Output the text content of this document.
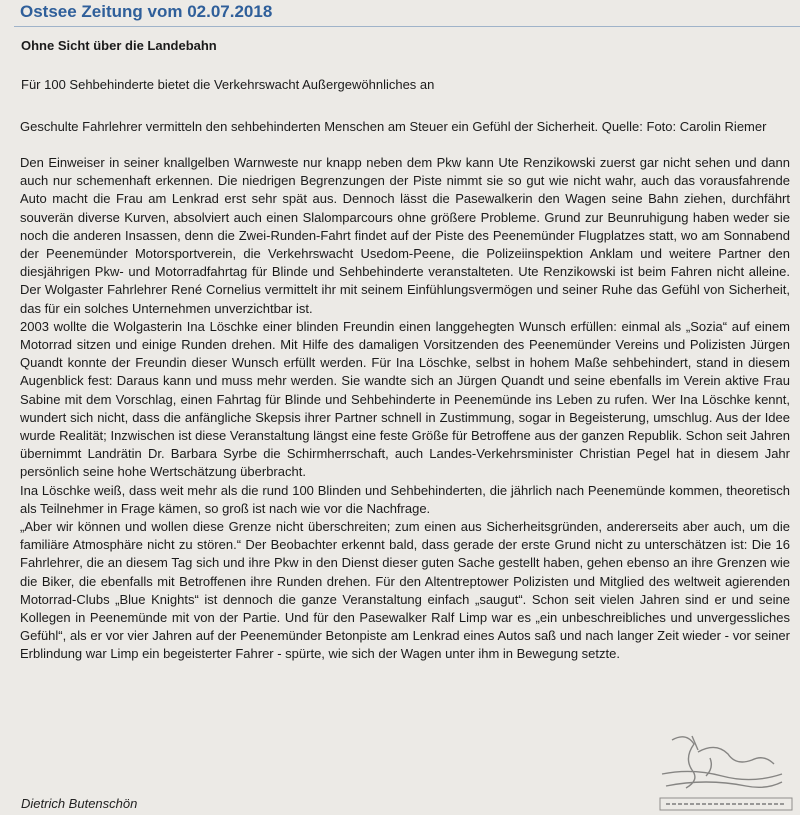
Ostsee Zeitung vom 02.07.2018
Ohne Sicht über die Landebahn
Für 100 Sehbehinderte bietet die Verkehrswacht Außergewöhnliches an

Geschulte Fahrlehrer vermitteln den sehbehinderten Menschen am Steuer ein Gefühl der Sicherheit. Quelle: Foto: Carolin Riemer

Den Einweiser in seiner knallgelben Warnweste nur knapp neben dem Pkw kann Ute Renzikowski zuerst gar nicht sehen und dann auch nur schemenhaft erkennen. Die niedrigen Begrenzungen der Piste nimmt sie so gut wie nicht wahr, auch das vorausfahrende Auto macht die Frau am Lenkrad erst sehr spät aus. Dennoch lässt die Pasewalkerin den Wagen seine Bahn ziehen, durchfährt souverän diverse Kurven, absolviert auch einen Slalomparcours ohne größere Probleme. Grund zur Beunruhigung haben weder sie noch die anderen Insassen, denn die Zwei-Runden-Fahrt findet auf der Piste des Peenemünder Flugplatzes statt, wo am Sonnabend der Peenemünder Motorsportverein, die Verkehrswacht Usedom-Peene, die Polizeiinspektion Anklam und weitere Partner den diesjährigen Pkw- und Motorradfahrtag für Blinde und Sehbehinderte veranstalteten. Ute Renzikowski ist beim Fahren nicht alleine. Der Wolgaster Fahrlehrer René Cornelius vermittelt ihr mit seinem Einfühlungsvermögen und seiner Ruhe das Gefühl von Sicherheit, das für ein solches Unternehmen unverzichtbar ist.

2003 wollte die Wolgasterin Ina Löschke einer blinden Freundin einen langgehegten Wunsch erfüllen: einmal als „Sozia“ auf einem Motorrad sitzen und einige Runden drehen. Mit Hilfe des damaligen Vorsitzenden des Peenemünder Vereins und Polizisten Jürgen Quandt konnte der Freundin dieser Wunsch erfüllt werden. Für Ina Löschke, selbst in hohem Maße sehbehindert, stand in diesem Augenblick fest: Daraus kann und muss mehr werden. Sie wandte sich an Jürgen Quandt und seine ebenfalls im Verein aktive Frau Sabine mit dem Vorschlag, einen Fahrtag für Blinde und Sehbehinderte in Peenemünde ins Leben zu rufen. Wer Ina Löschke kennt, wundert sich nicht, dass die anfängliche Skepsis ihrer Partner schnell in Zustimmung, sogar in Begeisterung, umschlug. Aus der Idee wurde Realität; Inzwischen ist diese Veranstaltung längst eine feste Größe für Betroffene aus der ganzen Republik. Schon seit Jahren übernimmt Landrätin Dr. Barbara Syrbe die Schirmherrschaft, auch Landes-Verkehrsminister Christian Pegel hat in diesem Jahr persönlich seine hohe Wertschätzung überbracht.

Ina Löschke weiß, dass weit mehr als die rund 100 Blinden und Sehbehinderten, die jährlich nach Peenemünde kommen, theoretisch als Teilnehmer in Frage kämen, so groß ist nach wie vor die Nachfrage.

„Aber wir können und wollen diese Grenze nicht überschreiten; zum einen aus Sicherheitsgründen, andererseits aber auch, um die familiäre Atmosphäre nicht zu stören.“ Der Beobachter erkennt bald, dass gerade der erste Grund nicht zu unterschätzen ist: Die 16 Fahrlehrer, die an diesem Tag sich und ihre Pkw in den Dienst dieser guten Sache gestellt haben, gehen ebenso an ihre Grenzen wie die Biker, die ebenfalls mit Betroffenen ihre Runden drehen. Für den Altentreptower Polizisten und Mitglied des weltweit agierenden Motorrad-Clubs „Blue Knights“ ist dennoch die ganze Veranstaltung einfach „saugut“. Schon seit vielen Jahren sind er und seine Kollegen in Peenemünde mit von der Partie. Und für den Pasewalker Ralf Limp war es „ein unbeschreibliches und unvergessliches Gefühl“, als er vor vier Jahren auf der Peenemünder Betonpiste am Lenkrad eines Autos saß und nach langer Zeit wieder - vor seiner Erblindung war Limp ein begeisterter Fahrer - spürte, wie sich der Wagen unter ihm in Bewegung setzte.

Dietrich Butenschön
